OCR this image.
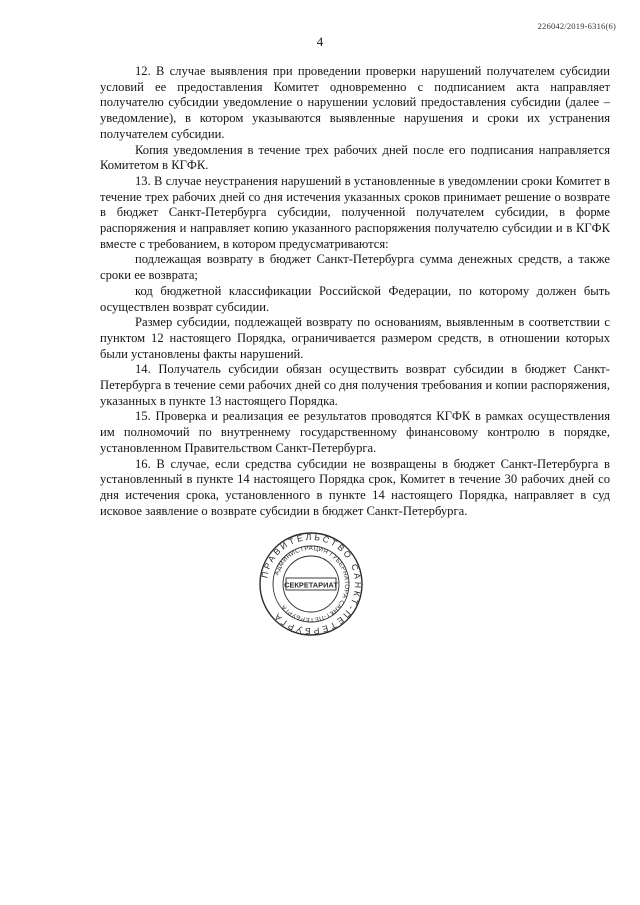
226042/2019-6316(6)
4

12. В случае выявления при проведении проверки нарушений получателем субсидии условий ее предоставления Комитет одновременно с подписанием акта направляет получателю субсидии уведомление о нарушении условий предоставления субсидии (далее – уведомление), в котором указываются выявленные нарушения и сроки их устранения получателем субсидии.

Копия уведомления в течение трех рабочих дней после его подписания направляется Комитетом в КГФК.

13. В случае неустранения нарушений в установленные в уведомлении сроки Комитет в течение трех рабочих дней со дня истечения указанных сроков принимает решение о возврате в бюджет Санкт-Петербурга субсидии, полученной получателем субсидии, в форме распоряжения и направляет копию указанного распоряжения получателю субсидии и в КГФК вместе с требованием, в котором предусматриваются:

подлежащая возврату в бюджет Санкт-Петербурга сумма денежных средств, а также сроки ее возврата;

код бюджетной классификации Российской Федерации, по которому должен быть осуществлен возврат субсидии.

Размер субсидии, подлежащей возврату по основаниям, выявленным в соответствии с пунктом 12 настоящего Порядка, ограничивается размером средств, в отношении которых были установлены факты нарушений.

14. Получатель субсидии обязан осуществить возврат субсидии в бюджет Санкт-Петербурга в течение семи рабочих дней со дня получения требования и копии распоряжения, указанных в пункте 13 настоящего Порядка.

15. Проверка и реализация ее результатов проводятся КГФК в рамках осуществления им полномочий по внутреннему государственному финансовому контролю в порядке, установленном Правительством Санкт-Петербурга.

16. В случае, если средства субсидии не возвращены в бюджет Санкт-Петербурга в установленный в пункте 14 настоящего Порядка срок, Комитет в течение 30 рабочих дней со дня истечения срока, установленного в пункте 14 настоящего Порядка, направляет в суд исковое заявление о возврате субсидии в бюджет Санкт-Петербурга.

ПРАВИТЕЛЬСТВО САНКТ-ПЕТЕРБУРГА
АДМИНИСТРАЦИЯ ГУБЕРНАТОРА САНКТ-ПЕТЕРБУРГА
СЕКРЕТАРИАТ
